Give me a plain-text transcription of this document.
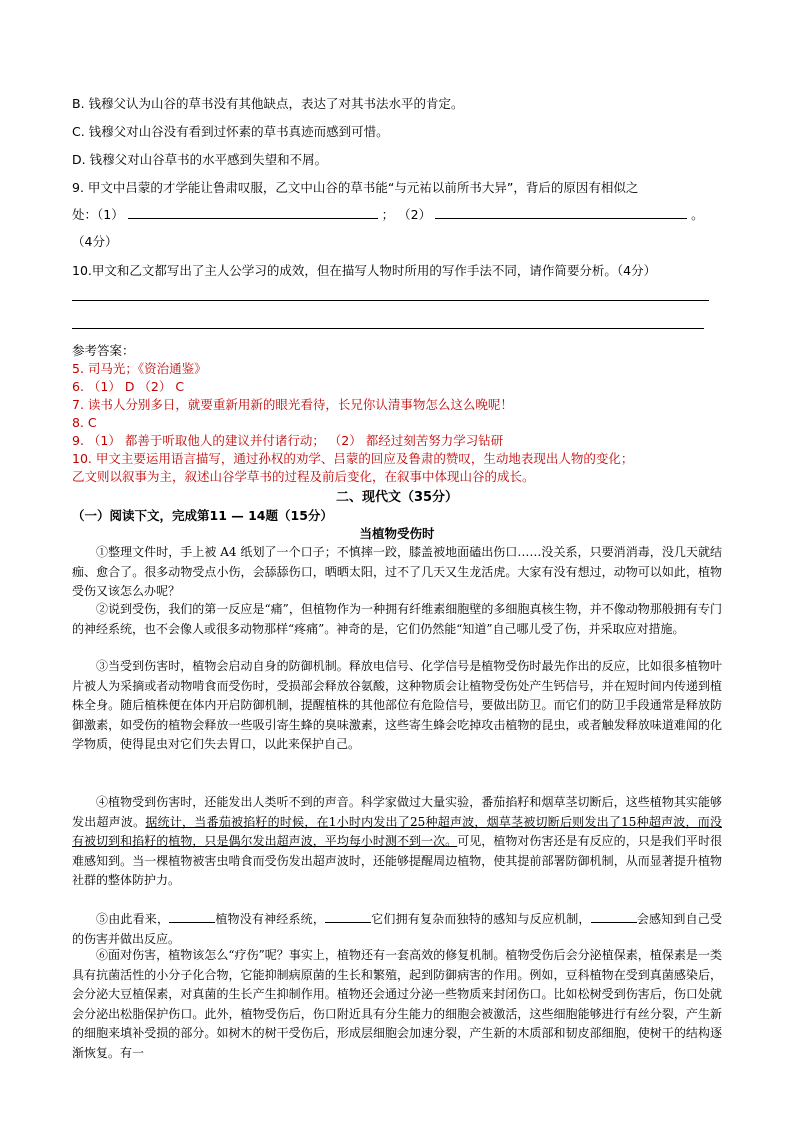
B. 钱穆父认为山谷的草书没有其他缺点，表达了对其书法水平的肯定。
C. 钱穆父对山谷没有看到过怀素的草书真迹而感到可惜。
D. 钱穆父对山谷草书的水平感到失望和不屑。
9. 甲文中吕蒙的才学能让鲁肃叹服，乙文中山谷的草书能“与元祐以前所书大异”，背后的原因有相似之
处：（1）	； （2）	。
（4分）
10.甲文和乙文都写出了主人公学习的成效，但在描写人物时所用的写作手法不同，请作简要分析。（4分）
参考答案：
5. 司马光；《资治通鉴》
6. （1） D （2） C
7. 读书人分别多日，就要重新用新的眼光看待，长兄你认清事物怎么这么晚呢！
8. C
9. （1） 都善于听取他人的建议并付诸行动； （2） 都经过刻苦努力学习钻研
10. 甲文主要运用语言描写，通过孙权的劝学、吕蒙的回应及鲁肃的赞叹，生动地表现出人物的变化；
乙文则以叙事为主，叙述山谷学草书的过程及前后变化，在叙事中体现山谷的成长。
二、现代文（35分）
（一）阅读下文，完成第11 — 14题（15分）
当植物受伤时

①整理文件时，手上被 A4 纸划了一个口子；不慎摔一跤，膝盖被地面磕出伤口……没关系，只要消消毒，没几天就结痂、愈合了。很多动物受点小伤，会舔舔伤口，晒晒太阳，过不了几天又生龙活虎。大家有没有想过，动物可以如此，植物受伤又该怎么办呢？

②说到受伤，我们的第一反应是“痛”，但植物作为一种拥有纤维素细胞壁的多细胞真核生物，并不像动物那般拥有专门的神经系统，也不会像人或很多动物那样“疼痛”。神奇的是，它们仍然能“知道”自己哪儿受了伤，并采取应对措施。

③当受到伤害时，植物会启动自身的防御机制。释放电信号、化学信号是植物受伤时最先作出的反应，比如很多植物叶片被人为采摘或者动物啃食而受伤时，受损部会释放谷氨酸，这种物质会让植物受伤处产生钙信号，并在短时间内传递到植株全身。随后植株便在体内开启防御机制，提醒植株的其他部位有危险信号，要做出防卫。而它们的防卫手段通常是释放防御激素，如受伤的植物会释放一些吸引寄生蜂的臭味激素，这些寄生蜂会吃掉攻击植物的昆虫，或者触发释放味道难闻的化学物质，使得昆虫对它们失去胃口，以此来保护自己。

④植物受到伤害时，还能发出人类听不到的声音。科学家做过大量实验，番茄掐籽和烟草茎切断后，这些植物其实能够发出超声波。据统计，当番茄被掐籽的时候，在1小时内发出了25种超声波，烟草茎被切断后则发出了15种超声波，而没有被切到和掐籽的植物，只是偶尔发出超声波，平均每小时测不到一次。可见，植物对伤害还是有反应的，只是我们平时很难感知到。当一棵植物被害虫啃食而受伤发出超声波时，还能够提醒周边植物，使其提前部署防御机制，从而显著提升植物社群的整体防护力。

⑤由此看来，	植物没有神经系统，	它们拥有复杂而独特的感知与反应机制，	会感知到自己受的伤害并做出反应。

⑥面对伤害，植物该怎么“疗伤”呢？事实上，植物还有一套高效的修复机制。植物受伤后会分泌植保素，植保素是一类具有抗菌活性的小分子化合物，它能抑制病原菌的生长和繁殖，起到防御病害的作用。例如，豆科植物在受到真菌感染后，会分泌大豆植保素，对真菌的生长产生抑制作用。植物还会通过分泌一些物质来封闭伤口。比如松树受到伤害后，伤口处就会分泌出松脂保护伤口。此外，植物受伤后，伤口附近具有分生能力的细胞会被激活，这些细胞能够进行有丝分裂，产生新的细胞来填补受损的部分。如树木的树干受伤后，形成层细胞会加速分裂，产生新的木质部和韧皮部细胞，使树干的结构逐渐恢复。有一
